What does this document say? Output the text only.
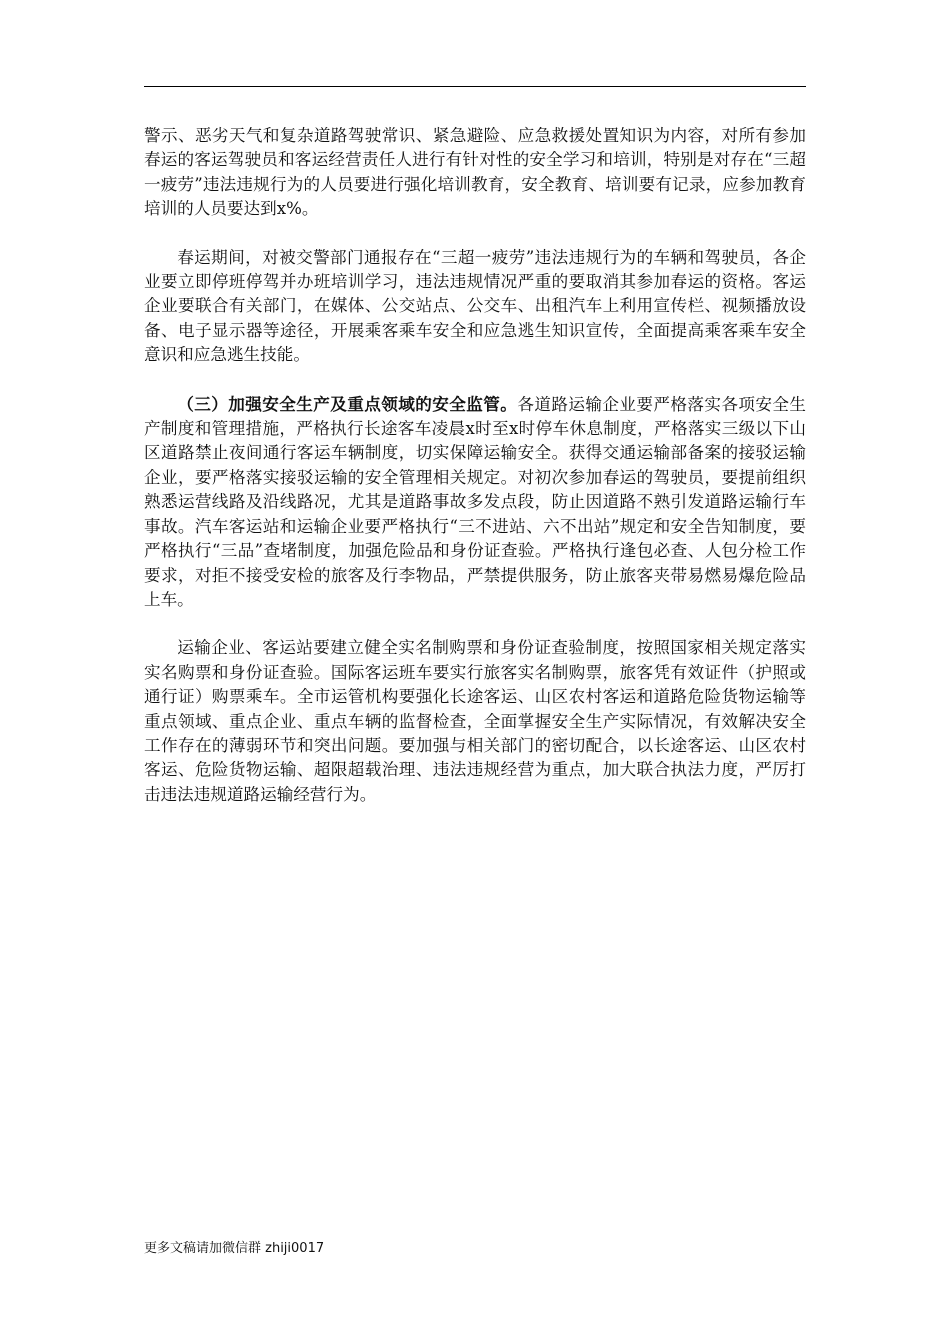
警示、恶劣天气和复杂道路驾驶常识、紧急避险、应急救援处置知识为内容，对所有参加春运的客运驾驶员和客运经营责任人进行有针对性的安全学习和培训，特别是对存在“三超一疲劳”违法违规行为的人员要进行强化培训教育，安全教育、培训要有记录，应参加教育培训的人员要达到x%。

春运期间，对被交警部门通报存在“三超一疲劳”违法违规行为的车辆和驾驶员，各企业要立即停班停驾并办班培训学习，违法违规情况严重的要取消其参加春运的资格。客运企业要联合有关部门，在媒体、公交站点、公交车、出租汽车上利用宣传栏、视频播放设备、电子显示器等途径，开展乘客乘车安全和应急逃生知识宣传，全面提高乘客乘车安全意识和应急逃生技能。

（三）加强安全生产及重点领域的安全监管。各道路运输企业要严格落实各项安全生产制度和管理措施，严格执行长途客车凌晨x时至x时停车休息制度，严格落实三级以下山区道路禁止夜间通行客运车辆制度，切实保障运输安全。获得交通运输部备案的接驳运输企业，要严格落实接驳运输的安全管理相关规定。对初次参加春运的驾驶员，要提前组织熟悉运营线路及沿线路况，尤其是道路事故多发点段，防止因道路不熟引发道路运输行车事故。汽车客运站和运输企业要严格执行“三不进站、六不出站”规定和安全告知制度，要严格执行“三品”查堵制度，加强危险品和身份证查验。严格执行逢包必查、人包分检工作要求，对拒不接受安检的旅客及行李物品，严禁提供服务，防止旅客夹带易燃易爆危险品上车。

运输企业、客运站要建立健全实名制购票和身份证查验制度，按照国家相关规定落实实名购票和身份证查验。国际客运班车要实行旅客实名制购票，旅客凭有效证件（护照或通行证）购票乘车。全市运管机构要强化长途客运、山区农村客运和道路危险货物运输等重点领域、重点企业、重点车辆的监督检查，全面掌握安全生产实际情况，有效解决安全工作存在的薄弱环节和突出问题。要加强与相关部门的密切配合，以长途客运、山区农村客运、危险货物运输、超限超载治理、违法违规经营为重点，加大联合执法力度，严厉打击违法违规道路运输经营行为。

更多文稿请加微信群 zhiji0017
